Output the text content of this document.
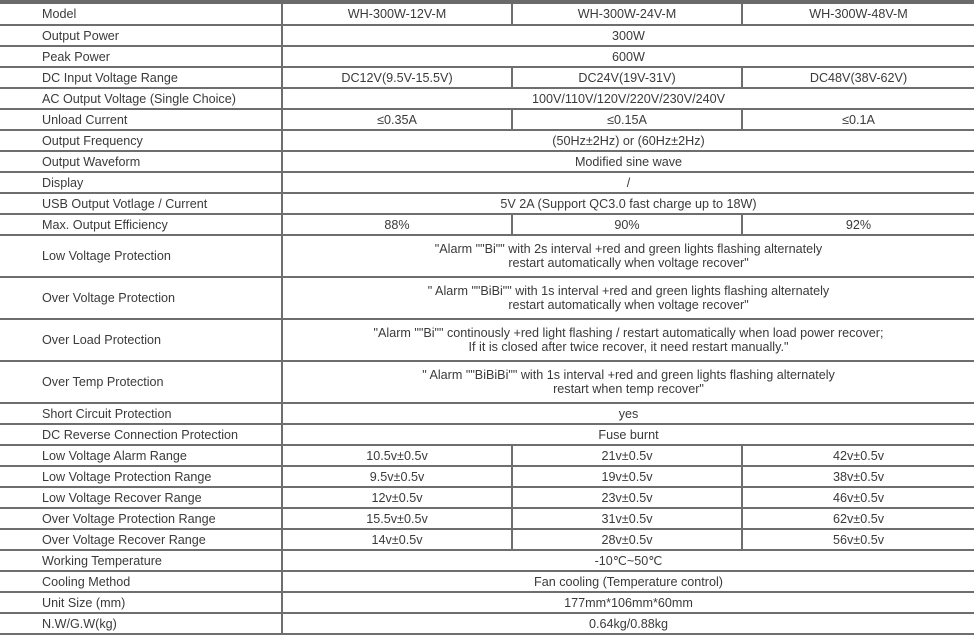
Model	WH-300W-12V-M	WH-300W-24V-M	WH-300W-48V-M
Output Power	300W		
Peak Power	600W		
DC Input Voltage Range	DC12V(9.5V-15.5V)	DC24V(19V-31V)	DC48V(38V-62V)
AC Output Voltage (Single Choice)	100V/110V/120V/220V/230V/240V		
Unload Current	≤0.35A	≤0.15A	≤0.1A
Output Frequency	(50Hz±2Hz) or (60Hz±2Hz)		
Output Waveform	Modified sine wave		
Display	/		
USB Output Votlage / Current	5V 2A (Support QC3.0 fast charge up to 18W)		
Max. Output Efficiency	88%	90%	92%
Low Voltage Protection	"Alarm ""Bi"" with 2s interval +red and green lights flashing alternately
restart automatically when voltage recover"		
Over Voltage Protection	" Alarm ""BiBi"" with 1s interval +red and green lights flashing alternately
restart automatically when voltage recover"		
Over Load Protection	"Alarm ""Bi"" continously +red light flashing / restart automatically when load power recover;
If it is closed after twice recover, it need restart manually."		
Over Temp Protection	" Alarm ""BiBiBi"" with 1s interval +red and green lights flashing alternately
restart when temp recover"		
Short Circuit Protection	yes		
DC Reverse Connection Protection	Fuse burnt		
Low Voltage Alarm Range	10.5v±0.5v	21v±0.5v	42v±0.5v
Low Voltage Protection Range	9.5v±0.5v	19v±0.5v	38v±0.5v
Low Voltage Recover Range	12v±0.5v	23v±0.5v	46v±0.5v
Over Voltage Protection Range	15.5v±0.5v	31v±0.5v	62v±0.5v
Over Voltage Recover Range	14v±0.5v	28v±0.5v	56v±0.5v
Working Temperature	-10℃~50℃		
Cooling Method	Fan cooling (Temperature control)		
Unit Size (mm)	177mm*106mm*60mm		
N.W/G.W(kg)	0.64kg/0.88kg		
